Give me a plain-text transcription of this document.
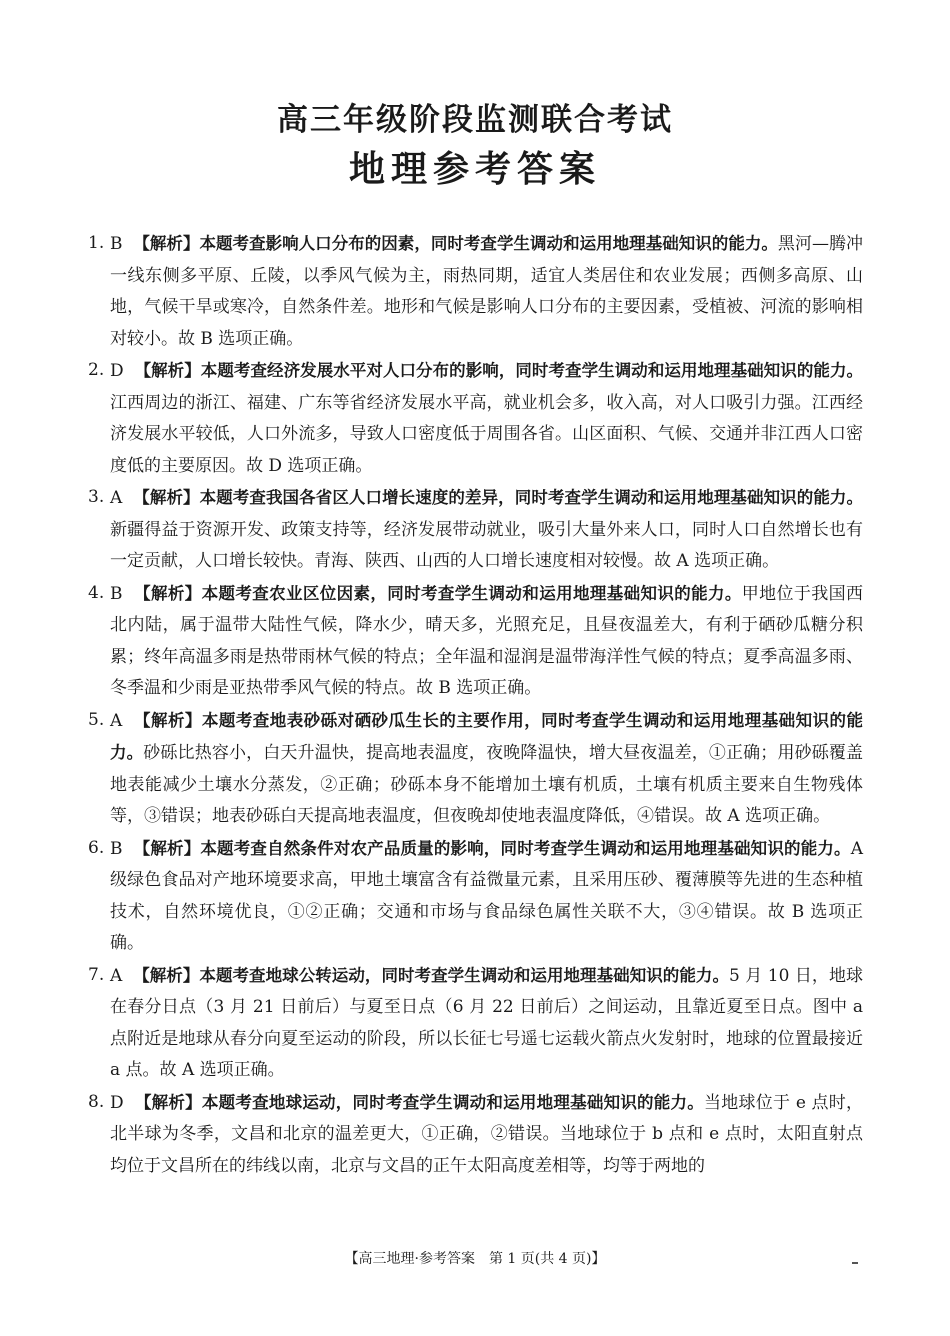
高三年级阶段监测联合考试
地理参考答案
1. B 【解析】本题考查影响人口分布的因素，同时考查学生调动和运用地理基础知识的能力。黑河—腾冲一线东侧多平原、丘陵，以季风气候为主，雨热同期，适宜人类居住和农业发展；西侧多高原、山地，气候干旱或寒冷，自然条件差。地形和气候是影响人口分布的主要因素，受植被、河流的影响相对较小。故 B 选项正确。
2. D 【解析】本题考查经济发展水平对人口分布的影响，同时考查学生调动和运用地理基础知识的能力。江西周边的浙江、福建、广东等省经济发展水平高，就业机会多，收入高，对人口吸引力强。江西经济发展水平较低，人口外流多，导致人口密度低于周围各省。山区面积、气候、交通并非江西人口密度低的主要原因。故 D 选项正确。
3. A 【解析】本题考查我国各省区人口增长速度的差异，同时考查学生调动和运用地理基础知识的能力。新疆得益于资源开发、政策支持等，经济发展带动就业，吸引大量外来人口，同时人口自然增长也有一定贡献，人口增长较快。青海、陕西、山西的人口增长速度相对较慢。故 A 选项正确。
4. B 【解析】本题考查农业区位因素，同时考查学生调动和运用地理基础知识的能力。甲地位于我国西北内陆，属于温带大陆性气候，降水少，晴天多，光照充足，且昼夜温差大，有利于硒砂瓜糖分积累；终年高温多雨是热带雨林气候的特点；全年温和湿润是温带海洋性气候的特点；夏季高温多雨、冬季温和少雨是亚热带季风气候的特点。故 B 选项正确。
5. A 【解析】本题考查地表砂砾对硒砂瓜生长的主要作用，同时考查学生调动和运用地理基础知识的能力。砂砾比热容小，白天升温快，提高地表温度，夜晚降温快，增大昼夜温差，①正确；用砂砾覆盖地表能减少土壤水分蒸发，②正确；砂砾本身不能增加土壤有机质，土壤有机质主要来自生物残体等，③错误；地表砂砾白天提高地表温度，但夜晚却使地表温度降低，④错误。故 A 选项正确。
6. B 【解析】本题考查自然条件对农产品质量的影响，同时考查学生调动和运用地理基础知识的能力。A 级绿色食品对产地环境要求高，甲地土壤富含有益微量元素，且采用压砂、覆薄膜等先进的生态种植技术，自然环境优良，①②正确；交通和市场与食品绿色属性关联不大，③④错误。故 B 选项正确。
7. A 【解析】本题考查地球公转运动，同时考查学生调动和运用地理基础知识的能力。5 月 10 日，地球在春分日点（3 月 21 日前后）与夏至日点（6 月 22 日前后）之间运动，且靠近夏至日点。图中 a 点附近是地球从春分向夏至运动的阶段，所以长征七号遥七运载火箭点火发射时，地球的位置最接近 a 点。故 A 选项正确。
8. D 【解析】本题考查地球运动，同时考查学生调动和运用地理基础知识的能力。当地球位于 e 点时，北半球为冬季，文昌和北京的温差更大，①正确，②错误。当地球位于 b 点和 e 点时，太阳直射点均位于文昌所在的纬线以南，北京与文昌的正午太阳高度差相等，均等于两地的
【高三地理·参考答案　第 1 页(共 4 页)】
